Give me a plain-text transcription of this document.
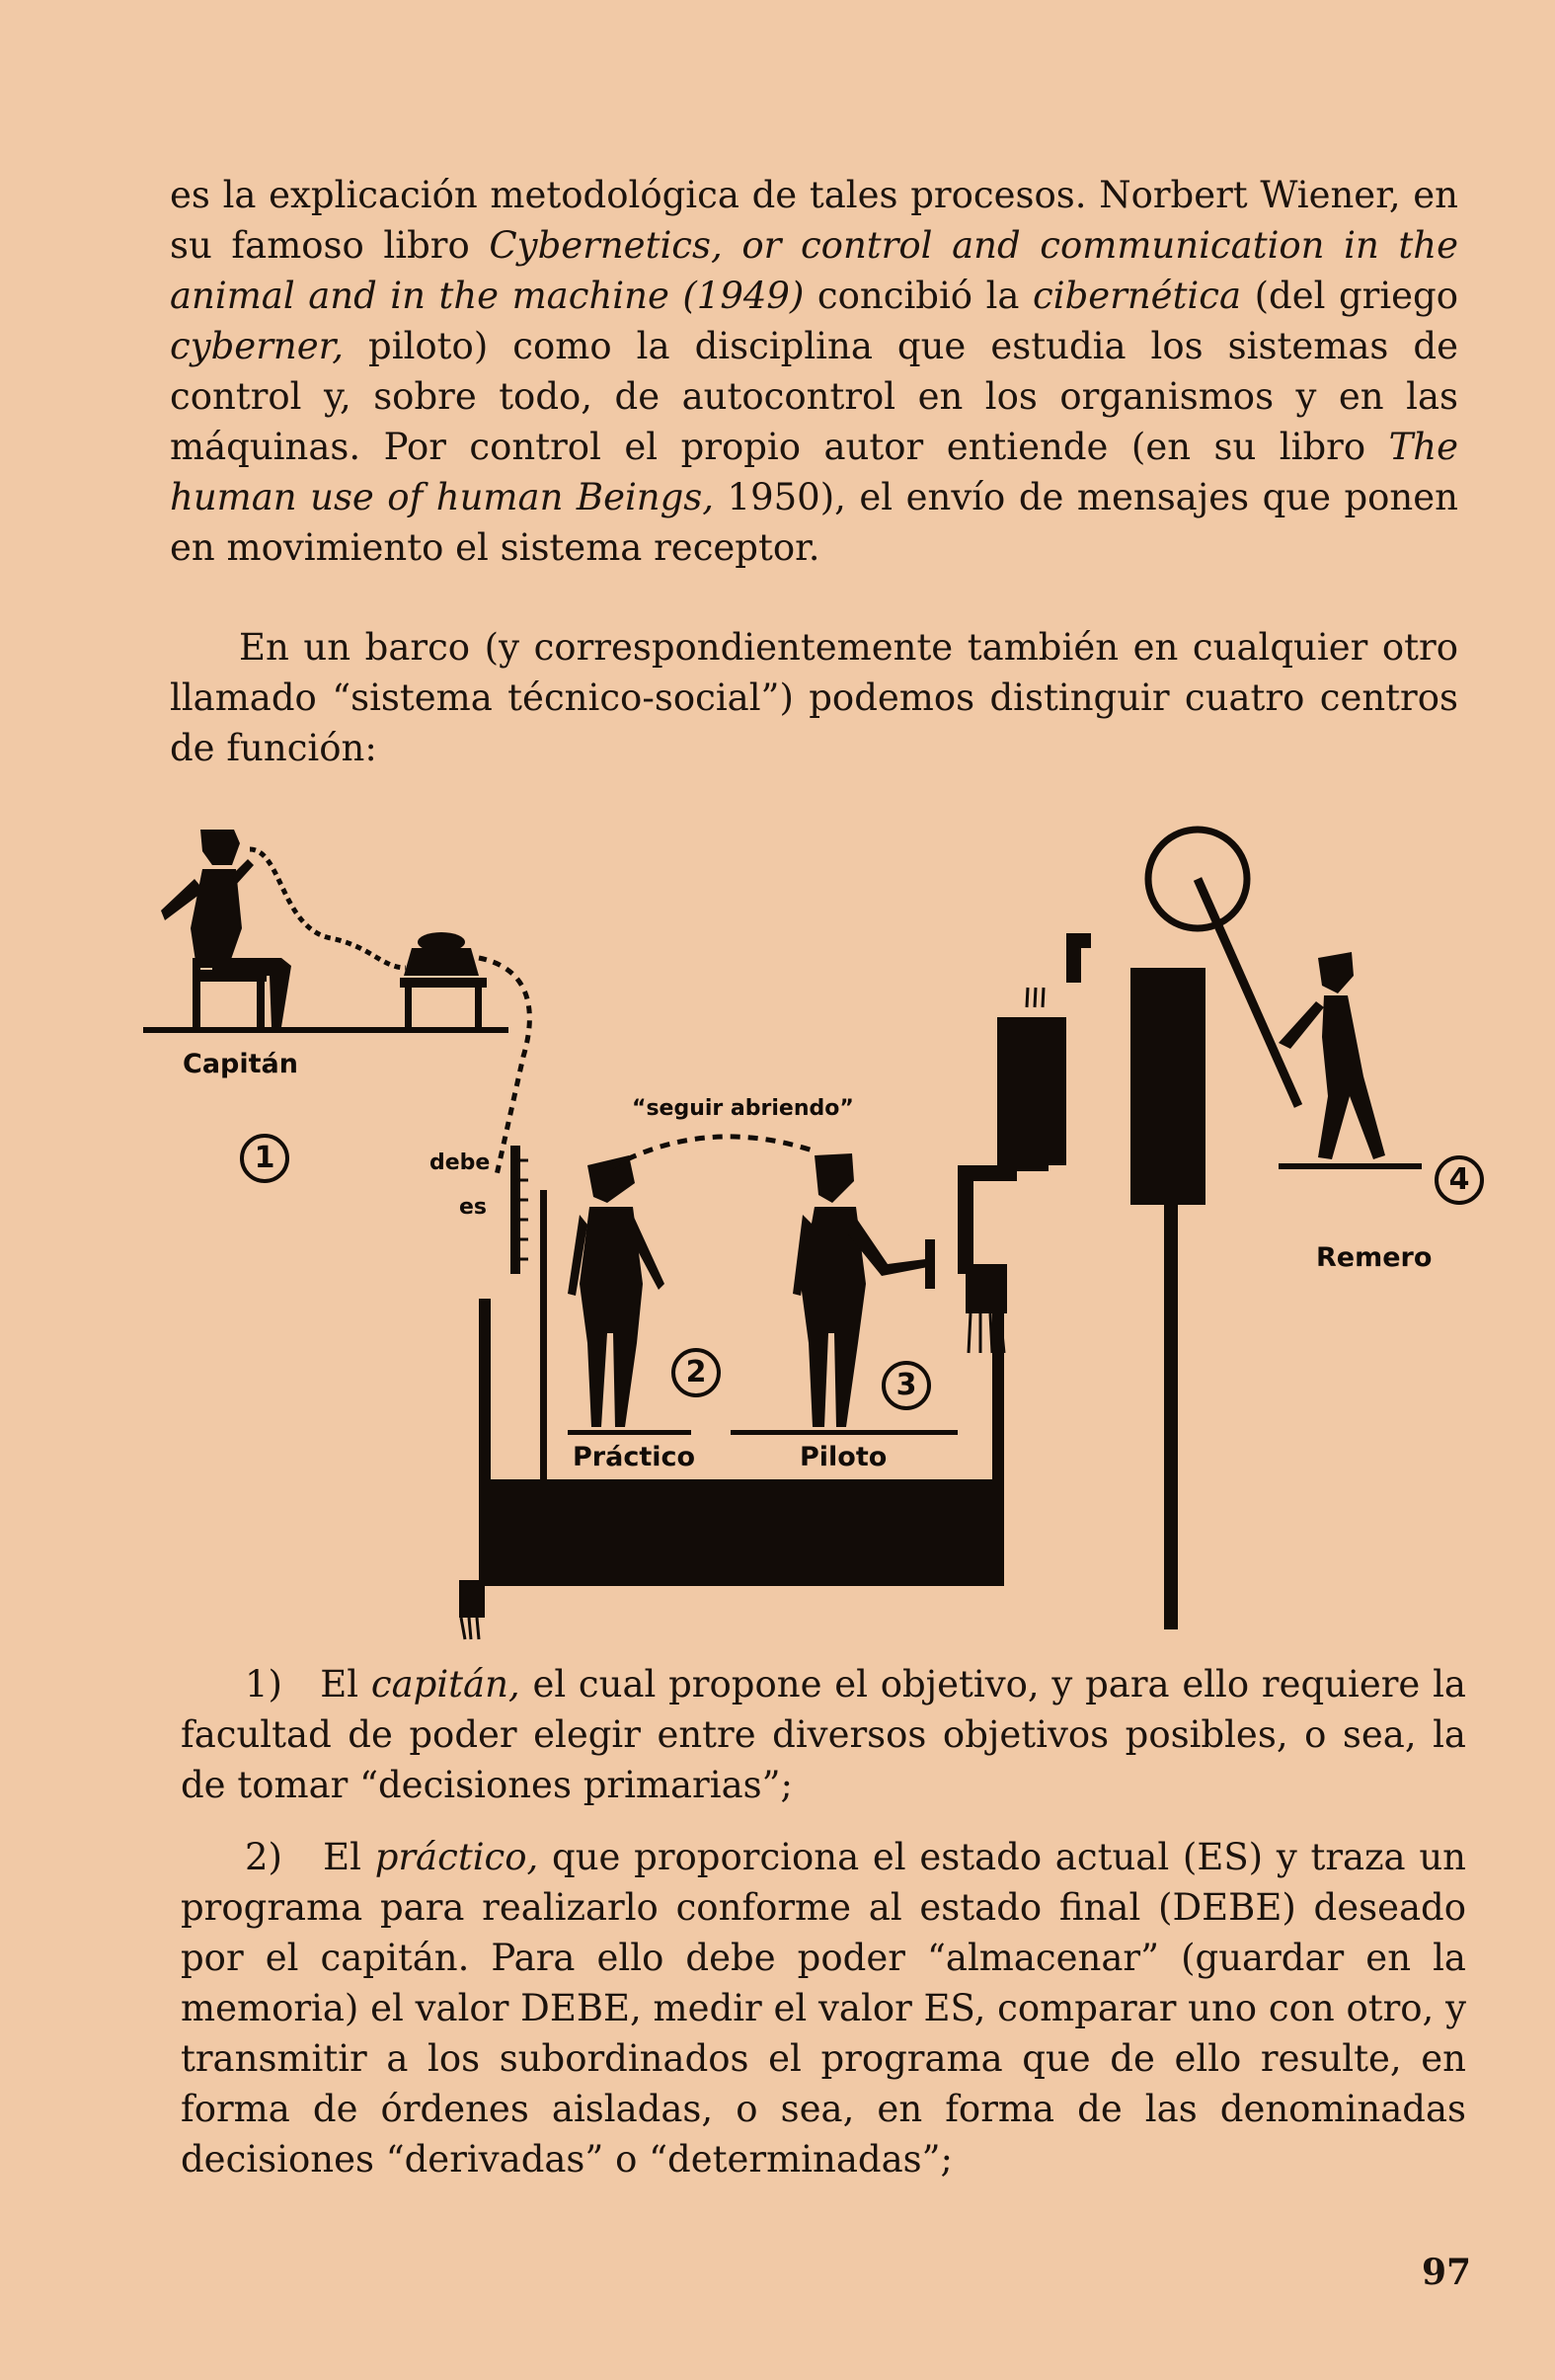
es la explicación metodológica de tales procesos. Norbert Wiener, en su famoso libro Cybernetics, or control and communication in the animal and in the machine (1949) concibió la cibernética (del griego cyberner, piloto) como la disciplina que estudia los sistemas de control y, sobre todo, de autocontrol en los organismos y en las máquinas. Por control el propio autor entiende (en su libro The human use of human Beings, 1950), el envío de mensajes que ponen en movimiento el sistema receptor.

En un barco (y correspondientemente también en cualquier otro llamado “sistema técnico-social”) podemos distinguir cuatro centros de función:

Capitán
1	debe
es
“seguir abriendo”
2
Práctico
3
Piloto
4
Remero

1) El capitán, el cual propone el objetivo, y para ello requiere la facultad de poder elegir entre diversos objetivos posibles, o sea, la de tomar “decisiones primarias”;

2) El práctico, que proporciona el estado actual (ES) y traza un programa para realizarlo conforme al estado final (DEBE) deseado por el capitán. Para ello debe poder “almacenar” (guardar en la memoria) el valor DEBE, medir el valor ES, comparar uno con otro, y transmitir a los subordinados el programa que de ello resulte, en forma de órdenes aisladas, o sea, en forma de las denominadas decisiones “derivadas” o “determinadas”;

97
